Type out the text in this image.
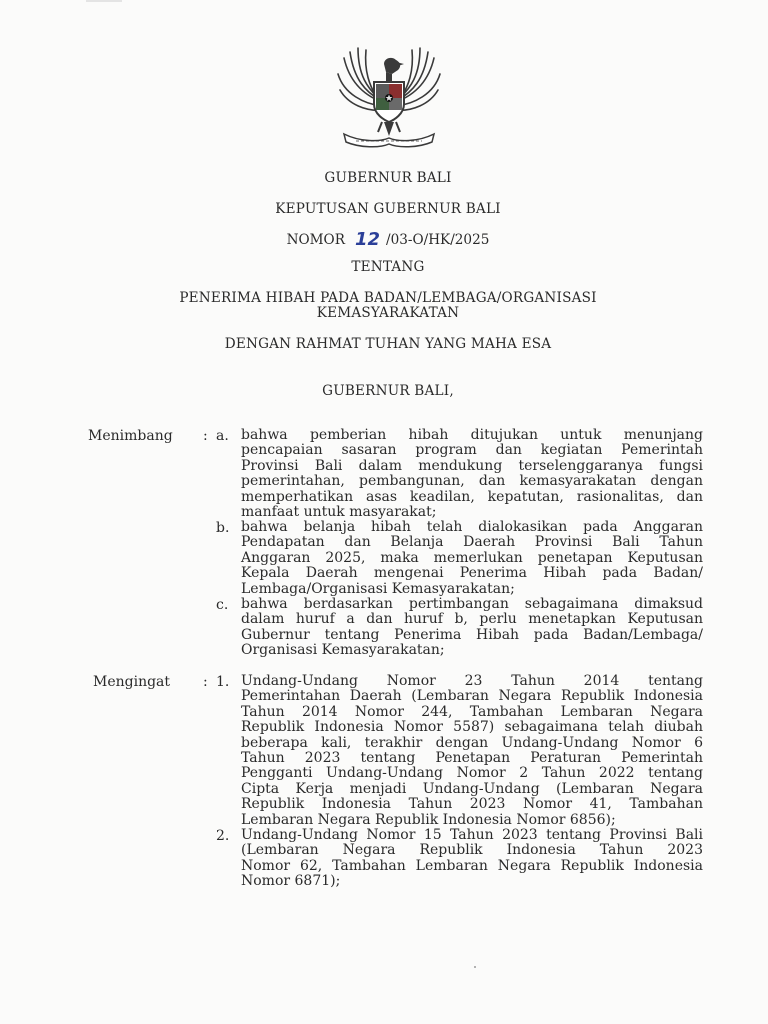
GUBERNUR BALI
KEPUTUSAN GUBERNUR BALI
NOMOR 12 /03-O/HK/2025
TENTANG
PENERIMA HIBAH PADA BADAN/LEMBAGA/ORGANISASI
KEMASYARAKATAN
DENGAN RAHMAT TUHAN YANG MAHA ESA
GUBERNUR BALI,
Menimbang : a. bahwa pemberian hibah ditujukan untuk menunjang
pencapaian sasaran program dan kegiatan Pemerintah
Provinsi Bali dalam mendukung terselenggaranya fungsi
pemerintahan, pembangunan, dan kemasyarakatan dengan
memperhatikan asas keadilan, kepatutan, rasionalitas, dan
manfaat untuk masyarakat;
b. bahwa belanja hibah telah dialokasikan pada Anggaran
Pendapatan dan Belanja Daerah Provinsi Bali Tahun
Anggaran 2025, maka memerlukan penetapan Keputusan
Kepala Daerah mengenai Penerima Hibah pada Badan/
Lembaga/Organisasi Kemasyarakatan;
c. bahwa berdasarkan pertimbangan sebagaimana dimaksud
dalam huruf a dan huruf b, perlu menetapkan Keputusan
Gubernur tentang Penerima Hibah pada Badan/Lembaga/
Organisasi Kemasyarakatan;
Mengingat : 1. Undang-Undang Nomor 23 Tahun 2014 tentang
Pemerintahan Daerah (Lembaran Negara Republik Indonesia
Tahun 2014 Nomor 244, Tambahan Lembaran Negara
Republik Indonesia Nomor 5587) sebagaimana telah diubah
beberapa kali, terakhir dengan Undang-Undang Nomor 6
Tahun 2023 tentang Penetapan Peraturan Pemerintah
Pengganti Undang-Undang Nomor 2 Tahun 2022 tentang
Cipta Kerja menjadi Undang-Undang (Lembaran Negara
Republik Indonesia Tahun 2023 Nomor 41, Tambahan
Lembaran Negara Republik Indonesia Nomor 6856);
2. Undang-Undang Nomor 15 Tahun 2023 tentang Provinsi Bali
(Lembaran Negara Republik Indonesia Tahun 2023
Nomor 62, Tambahan Lembaran Negara Republik Indonesia
Nomor 6871);
